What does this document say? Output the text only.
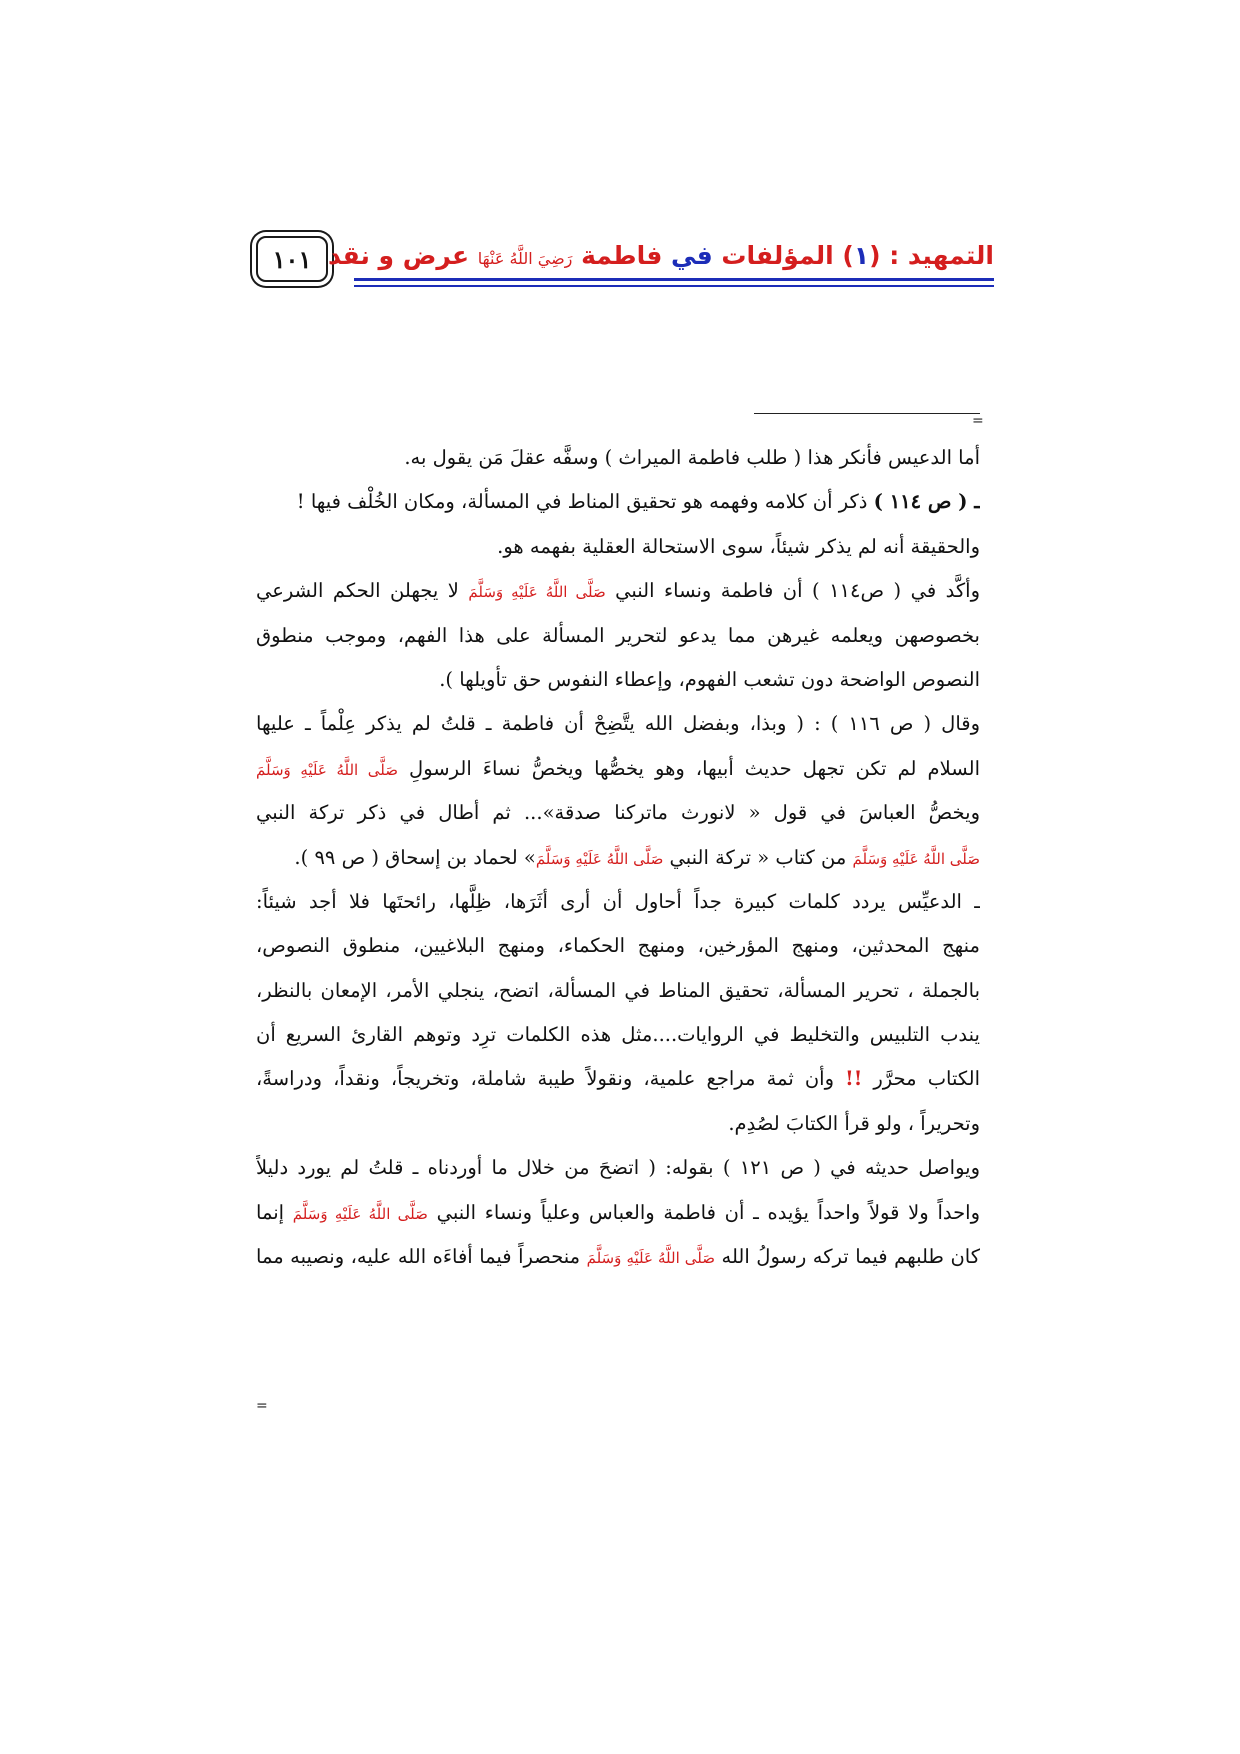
١٠١	التمهيد : (١) المؤلفات في فاطمة رَضِيَ اللَّهُ عَنْهَا عرض و نقد
=
أما الدعيس فأنكر هذا ( طلب فاطمة الميراث ) وسفَّه عقلَ مَن يقول به.
ـ ( ص ١١٤ ) ذكر أن كلامه وفهمه هو تحقيق المناط في المسألة، ومكان الخُلْف فيها !
والحقيقة أنه لم يذكر شيئاً، سوى الاستحالة العقلية بفهمه هو.
وأكَّد في ( ص١١٤ ) أن فاطمة ونساء النبي صَلَّى اللَّهُ عَلَيْهِ وَسَلَّمَ لا يجهلن الحكم الشرعي
بخصوصهن ويعلمه غيرهن مما يدعو لتحرير المسألة على هذا الفهم، وموجب منطوق
النصوص الواضحة دون تشعب الفهوم، وإعطاء النفوس حق تأويلها ).
وقال ( ص ١١٦ ) : ( وبذا، وبفضل الله يتَّضِحْ أن فاطمة ـ قلتُ لم يذكر عِلْماً ـ عليها
السلام لم تكن تجهل حديث أبيها، وهو يخصُّها ويخصُّ نساءَ الرسولِ صَلَّى اللَّهُ عَلَيْهِ وَسَلَّمَ
ويخصُّ العباسَ في قول « لانورث ماتركنا صدقة»... ثم أطال في ذكر تركة النبي
صَلَّى اللَّهُ عَلَيْهِ وَسَلَّمَ من كتاب « تركة النبي صَلَّى اللَّهُ عَلَيْهِ وَسَلَّمَ» لحماد بن إسحاق ( ص ٩٩ ).
ـ الدعيِّس يردد كلمات كبيرة جداً أحاول أن أرى أثَرَها، ظِلَّها، رائحتَها فلا أجد شيئاً:
منهج المحدثين، ومنهج المؤرخين، ومنهج الحكماء، ومنهج البلاغيين، منطوق النصوص،
بالجملة ، تحرير المسألة، تحقيق المناط في المسألة، اتضح، ينجلي الأمر، الإمعان بالنظر،
يندب التلبيس والتخليط في الروايات....مثل هذه الكلمات ترِد وتوهم القارئ السريع أن
الكتاب محرَّر !! وأن ثمة مراجع علمية، ونقولاً طيبة شاملة، وتخريجاً، ونقداً، ودراسةً،
وتحريراً ، ولو قرأ الكتابَ لصُدِم.
ويواصل حديثه في ( ص ١٢١ ) بقوله: ( اتضحَ من خلال ما أوردناه ـ قلتُ لم يورد دليلاً
واحداً ولا قولاً واحداً يؤيده ـ أن فاطمة والعباس وعلياً ونساء النبي صَلَّى اللَّهُ عَلَيْهِ وَسَلَّمَ إنما
كان طلبهم فيما تركه رسولُ الله صَلَّى اللَّهُ عَلَيْهِ وَسَلَّمَ منحصراً فيما أفاءَه الله عليه، ونصيبه مما
=
